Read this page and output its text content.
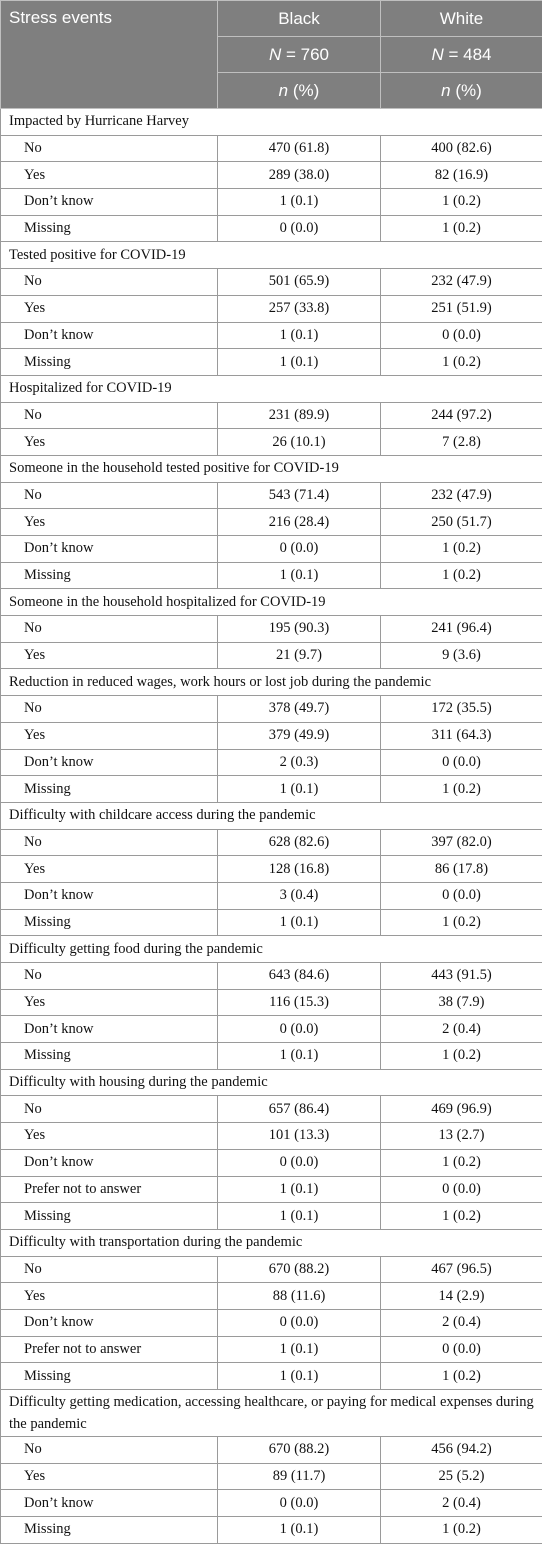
Stress events	Black	White
	N = 760	N = 484
	n (%)	n (%)
Impacted by Hurricane Harvey		
No	470 (61.8)	400 (82.6)
Yes	289 (38.0)	82 (16.9)
Don’t know	1 (0.1)	1 (0.2)
Missing	0 (0.0)	1 (0.2)
Tested positive for COVID-19		
No	501 (65.9)	232 (47.9)
Yes	257 (33.8)	251 (51.9)
Don’t know	1 (0.1)	0 (0.0)
Missing	1 (0.1)	1 (0.2)
Hospitalized for COVID-19		
No	231 (89.9)	244 (97.2)
Yes	26 (10.1)	7 (2.8)
Someone in the household tested positive for COVID-19		
No	543 (71.4)	232 (47.9)
Yes	216 (28.4)	250 (51.7)
Don’t know	0 (0.0)	1 (0.2)
Missing	1 (0.1)	1 (0.2)
Someone in the household hospitalized for COVID-19		
No	195 (90.3)	241 (96.4)
Yes	21 (9.7)	9 (3.6)
Reduction in reduced wages, work hours or lost job during the pandemic		
No	378 (49.7)	172 (35.5)
Yes	379 (49.9)	311 (64.3)
Don’t know	2 (0.3)	0 (0.0)
Missing	1 (0.1)	1 (0.2)
Difficulty with childcare access during the pandemic		
No	628 (82.6)	397 (82.0)
Yes	128 (16.8)	86 (17.8)
Don’t know	3 (0.4)	0 (0.0)
Missing	1 (0.1)	1 (0.2)
Difficulty getting food during the pandemic		
No	643 (84.6)	443 (91.5)
Yes	116 (15.3)	38 (7.9)
Don’t know	0 (0.0)	2 (0.4)
Missing	1 (0.1)	1 (0.2)
Difficulty with housing during the pandemic		
No	657 (86.4)	469 (96.9)
Yes	101 (13.3)	13 (2.7)
Don’t know	0 (0.0)	1 (0.2)
Prefer not to answer	1 (0.1)	0 (0.0)
Missing	1 (0.1)	1 (0.2)
Difficulty with transportation during the pandemic		
No	670 (88.2)	467 (96.5)
Yes	88 (11.6)	14 (2.9)
Don’t know	0 (0.0)	2 (0.4)
Prefer not to answer	1 (0.1)	0 (0.0)
Missing	1 (0.1)	1 (0.2)
Difficulty getting medication, accessing healthcare, or paying for medical expenses during the pandemic		
No	670 (88.2)	456 (94.2)
Yes	89 (11.7)	25 (5.2)
Don’t know	0 (0.0)	2 (0.4)
Missing	1 (0.1)	1 (0.2)
